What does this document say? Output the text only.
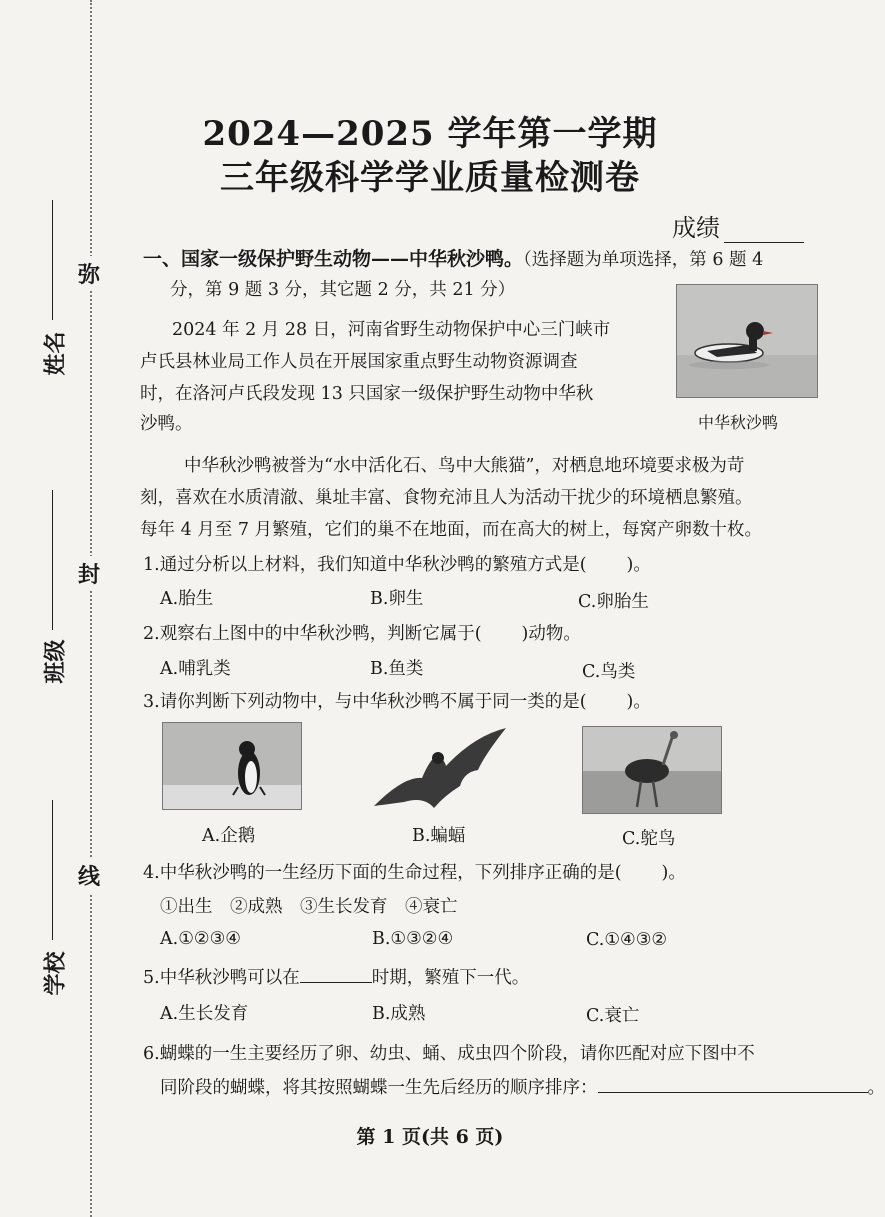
弥
封
线
姓名
班级
学校
2024—2025 学年第一学期
三年级科学学业质量检测卷
成绩
一、国家一级保护野生动物——中华秋沙鸭。（选择题为单项选择，第 6 题 4
分，第 9 题 3 分，其它题 2 分，共 21 分）
2024 年 2 月 28 日，河南省野生动物保护中心三门峡市
卢氏县林业局工作人员在开展国家重点野生动物资源调查
时，在洛河卢氏段发现 13 只国家一级保护野生动物中华秋
沙鸭。	中华秋沙鸭
中华秋沙鸭被誉为“水中活化石、鸟中大熊猫”，对栖息地环境要求极为苛
刻，喜欢在水质清澈、巢址丰富、食物充沛且人为活动干扰少的环境栖息繁殖。
每年 4 月至 7 月繁殖，它们的巢不在地面，而在高大的树上，每窝产卵数十枚。
1.通过分析以上材料，我们知道中华秋沙鸭的繁殖方式是( )。
A.胎生	B.卵生	C.卵胎生
2.观察右上图中的中华秋沙鸭，判断它属于( )动物。
A.哺乳类	B.鱼类	C.鸟类
3.请你判断下列动物中，与中华秋沙鸭不属于同一类的是( )。
A.企鹅	B.蝙蝠	C.鸵鸟
4.中华秋沙鸭的一生经历下面的生命过程，下列排序正确的是( )。
①出生　②成熟　③生长发育　④衰亡
A.①②③④	B.①③②④	C.①④③②
5.中华秋沙鸭可以在	时期，繁殖下一代。
A.生长发育	B.成熟	C.衰亡
6.蝴蝶的一生主要经历了卵、幼虫、蛹、成虫四个阶段，请你匹配对应下图中不
同阶段的蝴蝶，将其按照蝴蝶一生先后经历的顺序排序：	。
第 1 页(共 6 页)
